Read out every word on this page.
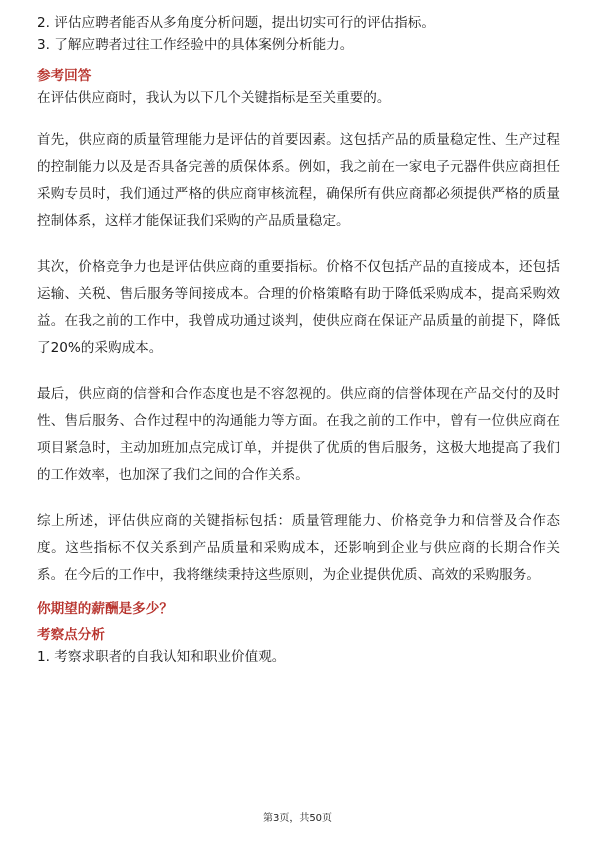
2. 评估应聘者能否从多角度分析问题，提出切实可行的评估指标。

3. 了解应聘者过往工作经验中的具体案例分析能力。

参考回答

在评估供应商时，我认为以下几个关键指标是至关重要的。

首先，供应商的质量管理能力是评估的首要因素。这包括产品的质量稳定性、生产过程的控制能力以及是否具备完善的质保体系。例如，我之前在一家电子元器件供应商担任采购专员时，我们通过严格的供应商审核流程，确保所有供应商都必须提供严格的质量控制体系，这样才能保证我们采购的产品质量稳定。

其次，价格竞争力也是评估供应商的重要指标。价格不仅包括产品的直接成本，还包括运输、关税、售后服务等间接成本。合理的价格策略有助于降低采购成本，提高采购效益。在我之前的工作中，我曾成功通过谈判，使供应商在保证产品质量的前提下，降低了20%的采购成本。

最后，供应商的信誉和合作态度也是不容忽视的。供应商的信誉体现在产品交付的及时性、售后服务、合作过程中的沟通能力等方面。在我之前的工作中，曾有一位供应商在项目紧急时，主动加班加点完成订单，并提供了优质的售后服务，这极大地提高了我们的工作效率，也加深了我们之间的合作关系。

综上所述，评估供应商的关键指标包括：质量管理能力、价格竞争力和信誉及合作态度。这些指标不仅关系到产品质量和采购成本，还影响到企业与供应商的长期合作关系。在今后的工作中，我将继续秉持这些原则，为企业提供优质、高效的采购服务。

你期望的薪酬是多少？

考察点分析

1. 考察求职者的自我认知和职业价值观。

第3页，共50页
